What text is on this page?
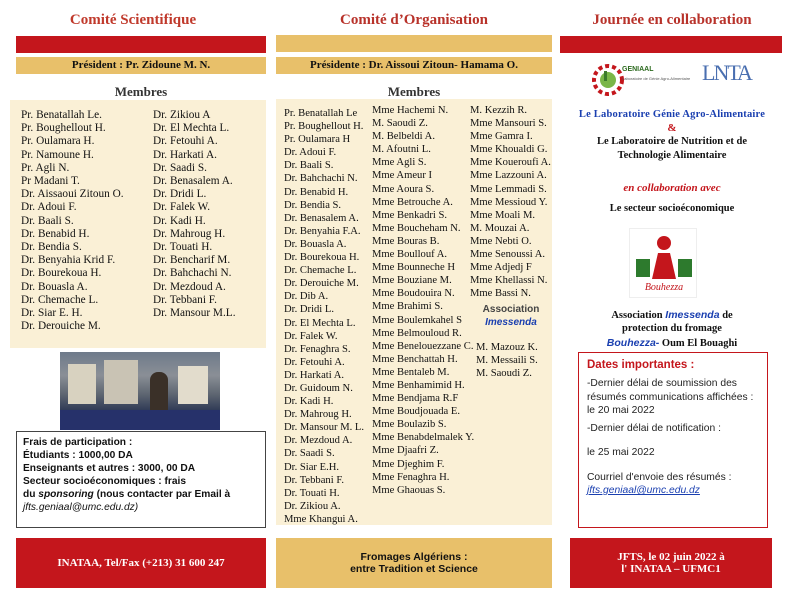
Comité Scientifique
Président : Pr. Zidoune M. N.
Membres
Pr. Benatallah Le.
Pr. Boughellout H.
Pr. Oulamara H.
Pr. Namoune H.
Pr. Agli N.
Pr Madani T.
Dr. Aissaoui Zitoun O.
Dr. Adoui F.
Dr. Baali S.
Dr. Benabid H.
Dr. Bendia S.
Dr. Benyahia Krid F.
Dr. Bourekoua H.
Dr. Bouasla A.
Dr. Chemache L.
Dr. Siar E. H.
Dr. Derouiche M.
Dr. Zikiou A
Dr. El Mechta L.
Dr. Fetouhi A.
Dr. Harkati A.
Dr. Saadi S.
Dr. Benasalem A.
Dr. Dridi L.
Dr. Falek W.
Dr. Kadi H.
Dr. Mahroug H.
Dr. Touati H.
Dr. Bencharif M.
Dr. Bahchachi N.
Dr. Mezdoud A.
Dr. Tebbani F.
Dr. Mansour M.L.
Frais de participation :
Étudiants : 1000,00 DA
Enseignants et autres : 3000, 00 DA
Secteur socioéconomiques : frais
du sponsoring (nous contacter par Email à
jfts.geniaal@umc.edu.dz)
INATAA, Tel/Fax (+213) 31 600 247
Comité d’Organisation
Présidente : Dr. Aissoui Zitoun- Hamama O.
Membres
Pr. Benatallah Le
Pr. Boughellout H.
Pr. Oulamara H
Dr. Adoui F.
Dr. Baali S.
Dr. Bahchachi N.
Dr. Benabid H.
Dr. Bendia S.
Dr. Benasalem A.
Dr. Benyahia F.A.
Dr. Bouasla A.
Dr. Bourekoua H.
Dr. Chemache L.
Dr. Derouiche M.
Dr. Dib A.
Dr. Dridi L.
Dr. El Mechta L.
Dr. Falek W.
Dr. Fenaghra S.
Dr. Fetouhi A.
Dr. Harkati A.
Dr. Guidoum N.
Dr. Kadi H.
Dr. Mahroug H.
Dr. Mansour M. L.
Dr. Mezdoud A.
Dr. Saadi S.
Dr. Siar E.H.
Dr. Tebbani F.
Dr. Touati H.
Dr. Zikiou A.
Mme Khangui A.
Mme Hachemi N.
M. Saoudi Z.
M. Belbeldi A.
M. Afoutni L.
Mme Agli S.
Mme Ameur I
Mme Aoura S.
Mme Betrouche A.
Mme Benkadri S.
Mme Boucheham N.
Mme Bouras B.
Mme Boullouf A.
Mme Bounneche H
Mme Bouziane M.
Mme Boudouira N.
Mme Brahimi S.
Mme Boulemkahel S
Mme Belmouloud R.
Mme Benelouezzane C.
Mme Benchattah H.
Mme Bentaleb M.
Mme Benhamimid H.
Mme Bendjama R.F
Mme Boudjouada E.
Mme Boulazib S.
Mme Benabdelmalek Y.
Mme Djaafri Z.
Mme Djeghim F.
Mme Fenaghra H.
Mme Ghaouas S.
M. Kezzih R.
Mme Mansouri S.
Mme Gamra I.
Mme Khoualdi G.
Mme Koueroufi A.
Mme Lazzouni A.
Mme Lemmadi S.
Mme Messioud Y.
Mme Moali M.
M. Mouzai A.
Mme Nebti O.
Mme Senoussi A.
Mme Adjedj F
Mme Khellassi N.
Mme Bassi N.
Association
Imessenda
M. Mazouz K.
M. Messaili S.
M. Saoudi Z.
Fromages Algériens :
entre Tradition et Science
Journée en collaboration
GENIAAL
Laboratoire de Génie Agro-Alimentaire LNTA
Le Laboratoire Génie Agro-Alimentaire
&
Le Laboratoire de Nutrition et de
Technologie Alimentaire
en collaboration avec
Le secteur socioéconomique
Bouhezza
Association Imessenda de
protection du fromage
Bouhezza- Oum El Bouaghi
Dates importantes :
-Dernier délai de soumission des résumés communications affichées : le 20 mai 2022
-Dernier délai de notification :
le 25 mai 2022
Courriel d'envoie des résumés :
jfts.geniaal@umc.edu.dz
JFTS, le 02 juin 2022 à
l' INATAA – UFMC1
